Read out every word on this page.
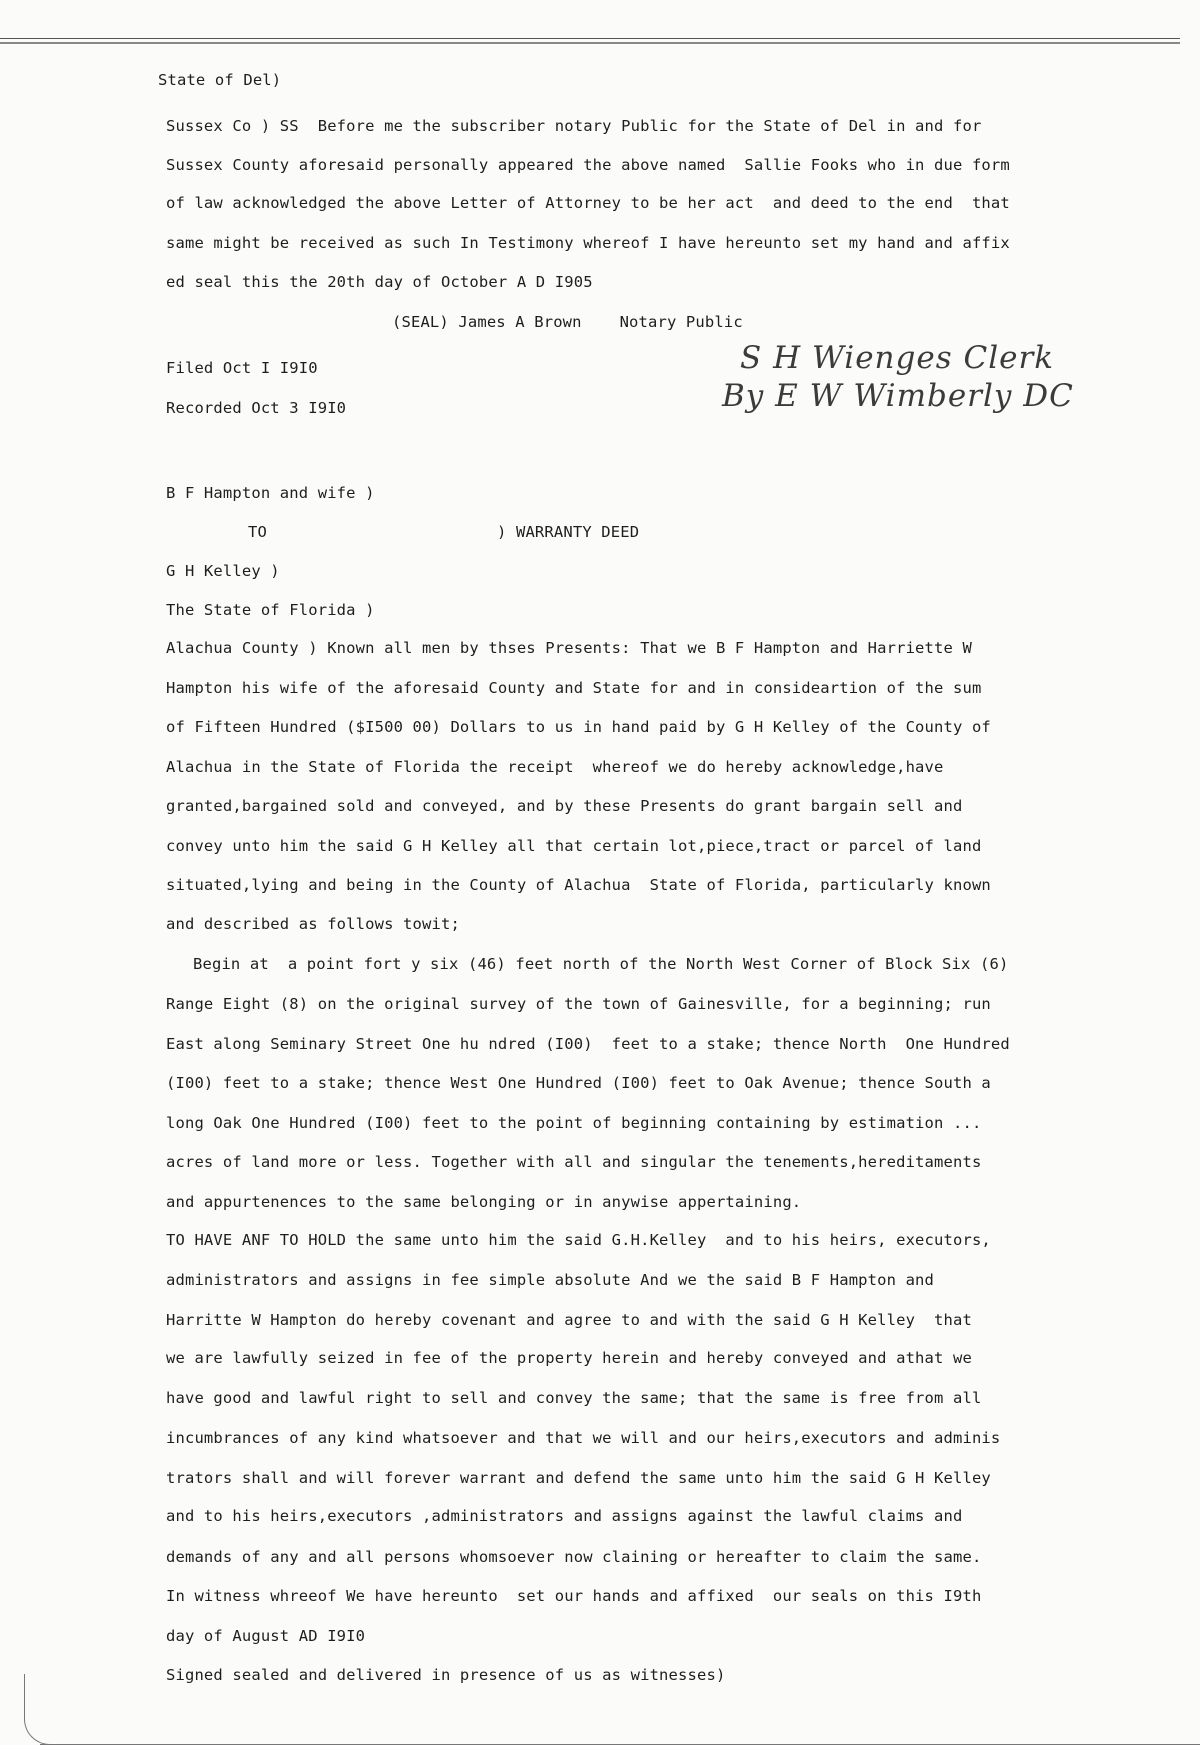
State of Del)
Sussex Co ) SS  Before me the subscriber notary Public for the State of Del in and for
Sussex County aforesaid personally appeared the above named  Sallie Fooks who in due form
of law acknowledged the above Letter of Attorney to be her act  and deed to the end  that
same might be received as such In Testimony whereof I have hereunto set my hand and affix
ed seal this the 20th day of October A D I905
(SEAL) James A Brown    Notary Public
Filed Oct I I9I0
Recorded Oct 3 I9I0
B F Hampton and wife )
TO	) WARRANTY DEED
G H Kelley )
The State of Florida )
Alachua County ) Known all men by thses Presents: That we B F Hampton and Harriette W
Hampton his wife of the aforesaid County and State for and in consideartion of the sum
of Fifteen Hundred ($I500 00) Dollars to us in hand paid by G H Kelley of the County of
Alachua in the State of Florida the receipt  whereof we do hereby acknowledge,have
granted,bargained sold and conveyed, and by these Presents do grant bargain sell and
convey unto him the said G H Kelley all that certain lot,piece,tract or parcel of land
situated,lying and being in the County of Alachua  State of Florida, particularly known
and described as follows towit;
Begin at  a point fort y six (46) feet north of the North West Corner of Block Six (6)
Range Eight (8) on the original survey of the town of Gainesville, for a beginning; run
East along Seminary Street One hu ndred (I00)  feet to a stake; thence North  One Hundred
(I00) feet to a stake; thence West One Hundred (I00) feet to Oak Avenue; thence South a
long Oak One Hundred (I00) feet to the point of beginning containing by estimation ...
acres of land more or less. Together with all and singular the tenements,hereditaments
and appurtenences to the same belonging or in anywise appertaining.
TO HAVE ANF TO HOLD the same unto him the said G.H.Kelley  and to his heirs, executors,
administrators and assigns in fee simple absolute And we the said B F Hampton and
Harritte W Hampton do hereby covenant and agree to and with the said G H Kelley  that
we are lawfully seized in fee of the property herein and hereby conveyed and athat we
have good and lawful right to sell and convey the same; that the same is free from all
incumbrances of any kind whatsoever and that we will and our heirs,executors and adminis
trators shall and will forever warrant and defend the same unto him the said G H Kelley
and to his heirs,executors ,administrators and assigns against the lawful claims and
demands of any and all persons whomsoever now claining or hereafter to claim the same.
In witness whreeof We have hereunto  set our hands and affixed  our seals on this I9th
day of August AD I9I0
Signed sealed and delivered in presence of us as witnesses)
S H Wienges Clerk
By E W Wimberly DC
